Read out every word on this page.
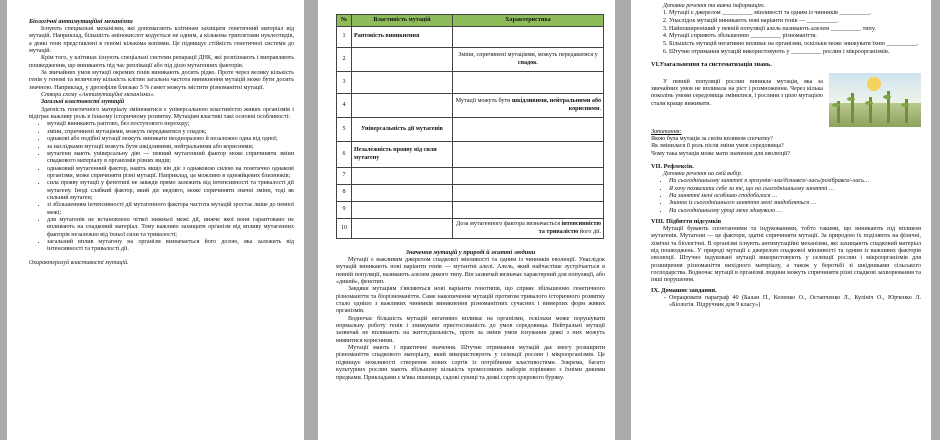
Біологічні антимутаційні механізми

Існують специальні механізми, які допомагають клітинам захищати генетичний матеріал від мутацій. Наприклад, більшість амінокислот кодується не одним, а кількома триплетами нуклеотидів, а деякі гени представлені в геномі кількома копіями. Це підвищує стійкість генетичної системи до мутацій.

Крім того, у клітинах існують спеціальні системи репарації ДНК, які розпізнають і виправляють пошкодження, що виникають під час реплікації або під дією мутагенних факторів.

За звичайних умов мутації окремих генів виникають досить рідко. Проте через велику кількість генів у геномі та величезну кількість клітин загальна частота виникнення мутацій може бути досить значною. Наприклад, у дрозофіли близько 5 % гамет можуть містити різноманітні мутації.

Створи схему «Антимутаційні механізми».

Загальні властивості мутацій

Здатність генетичного матеріалу змінюватися є універсальною властивістю живих організмів і відіграє важливу роль в їхньому історичному розвитку. Мутаціям властиві такі основні особливості:

• мутації виникають раптово, без поступового переходу;
• зміни, спричинені мутаціями, можуть передаватися у спадок;
• однакові або подібні мутації можуть виникати неодноразово й незалежно одна від одної;
• за наслідками мутації можуть бути шкідливими, нейтральними або корисними;
• мутагени мають універсальну дію — певний мутагенний фактор може спричиняти зміни спадкового матеріалу в організмів різних видів;
• однаковий мутагенний фактор, навіть якщо він діє з однаковою силою на генетично однакові організми, може спричиняти різні мутації. Наприклад, це можливо в однояйцевих близнюків;
• сила прояву мутації у фенотипі не завжди прямо залежить від інтенсивності та тривалості дії мутагену. Іноді слабкий фактор, який діє недовго, може спричиняти значні зміни, тоді як сильний мутаген;
• зі збільшенням інтенсивності дії мутагенного фактора частота мутацій зростає лише до певної межі;
• для мутагенів не встановлено чіткої нижньої межі дії, нижче якої вони гарантовано не впливають на спадковий матеріал. Тому важливо захищати організм від впливу мутагенних факторів незалежно від їхньої сили та тривалості;
• загальний вплив мутагену на організм визначається його дозою, яка залежить від інтенсивності та тривалості дії.

Охарактеризуй властивості мутацій.

№	Властивість мутацій	Характеристика
1	Раптовість виникнення	
2		Зміни, спричинені мутаціями, можуть передаватися у спадок.
3		
4		Мутації можуть бути шкідливими, нейтральними або корисними.
5	Універсальність дії мутагенів	
6	Незалежність прояву від сили мутагену	
7		
8		
9		
10		Доза мутагенного фактора визначається інтенсивністю та тривалістю його дії.

Значення мутацій у природі й житті людини

Мутації є важливим джерелом спадкової мінливості та одним із чинників еволюції. Унаслідок мутацій виникають нові варіанти генів — мутантні алелі. Алель, який найчастіше зустрічається в певній популяції, називають алелем дикого типу. Він зазвичай визначає характерний для популяції, або «дикий», фенотип.

Завдяки мутаціям з'являються нові варіанти генотипів, що сприяє збільшенню генетичного різноманіття та біорізноманіття. Саме накопичення мутацій протягом тривалого історичного розвитку стало однією з важливих чинників виникнення різноманітних сучасних і вимерлих форм живих організмів.

Водночас більшість мутацій негативно впливає на організми, оскільки може порушувати нормальну роботу генів і знижувати пристосованість до умов середовища. Нейтральні мутації зазвичай не впливають на життєдіяльність, проте за зміни умов існування деякі з них можуть виявитися корисними.

Мутації мають і практичне значення. Штучне отримання мутацій дає змогу розширити різноманіття спадкового матеріалу, який використовують у селекції рослин і мікроорганізмів. Це підвищує можливості створення нових сортів із потрібними властивостями. Зокрема, багато культурних рослин мають збільшену кількість хромосомних наборів порівняно з їхніми дикими предками. Прикладами є м'яка пшениця, садові суниці та деякі сорти цукрового буряку.

Доповни речення та вивчи інформацію.

1. Мутації є джерелом __________ мінливості та одним із чинників __________.
2. Унаслідок мутацій виникають нові варіанти генів — __________.
3. Найпоширеніший у певній популяції алель називають алелем __________ типу.
4. Мутації сприяють збільшенню __________ різноманіття.
5. Більшість мутацій негативно впливає на організми, оскільки може знижувати їхню __________.
6. Штучне отримання мутацій використовують у __________ рослин і мікроорганізмів.

VI.Узагальнення та систематизація знань.

У певній популяції рослин виникла мутація, яка за звичайних умов не впливала на ріст і розмноження. Через кілька поколінь умови середовища змінилися, і рослини з цією мутацією стали краще виживати.

Запитання:

Якою була мутація за своїм впливом спочатку?

Як змінилася її роль після зміни умов середовища?

Чому така мутація може мати значення для еволюції?

VII. Рефлексія.

Доповни речення на свій вибір.

• На сьогоднішньому занятті я зрозумів/-зла/дізнався/-лась/розібрався/-лась…
• Я хочу похвалити себе за те, що на сьогоднішньому занятті …
• На занятті мені особливо сподобалося …
• Знання із сьогоднішнього заняття мені знадобляться …
• На сьогоднішньому уроці мене здивувало …

VIII. Підбиття підсумків

Мутації бувають спонтанними та індукованими, тобто такими, що виникають під впливом мутагенів. Мутагени — це фактори, здатні спричиняти мутації. За природою їх поділяють на фізичні, хімічні та біологічні. В організмі існують антимутаційні механізми, які захищають спадковий матеріал від пошкоджень. У природі мутації є джерелом спадкової мінливості та одним із важливих факторів еволюції. Штучно індуковані мутації використовують у селекції рослин і мікроорганізмів для розширення різноманіття вихідного матеріалу, а також у боротьбі зі шкідниками сільського господарства. Водночас мутації в організмі людини можуть спричиняти різні спадкові захворювання та інші порушення.

IX. Домашнє завдання.

- Опрацювати параграф 40 (Балан П., Коленко О., Остапченко Л., Кулініч О., Юрченко Л. «Біологія. Підручник для 9 класу»)
